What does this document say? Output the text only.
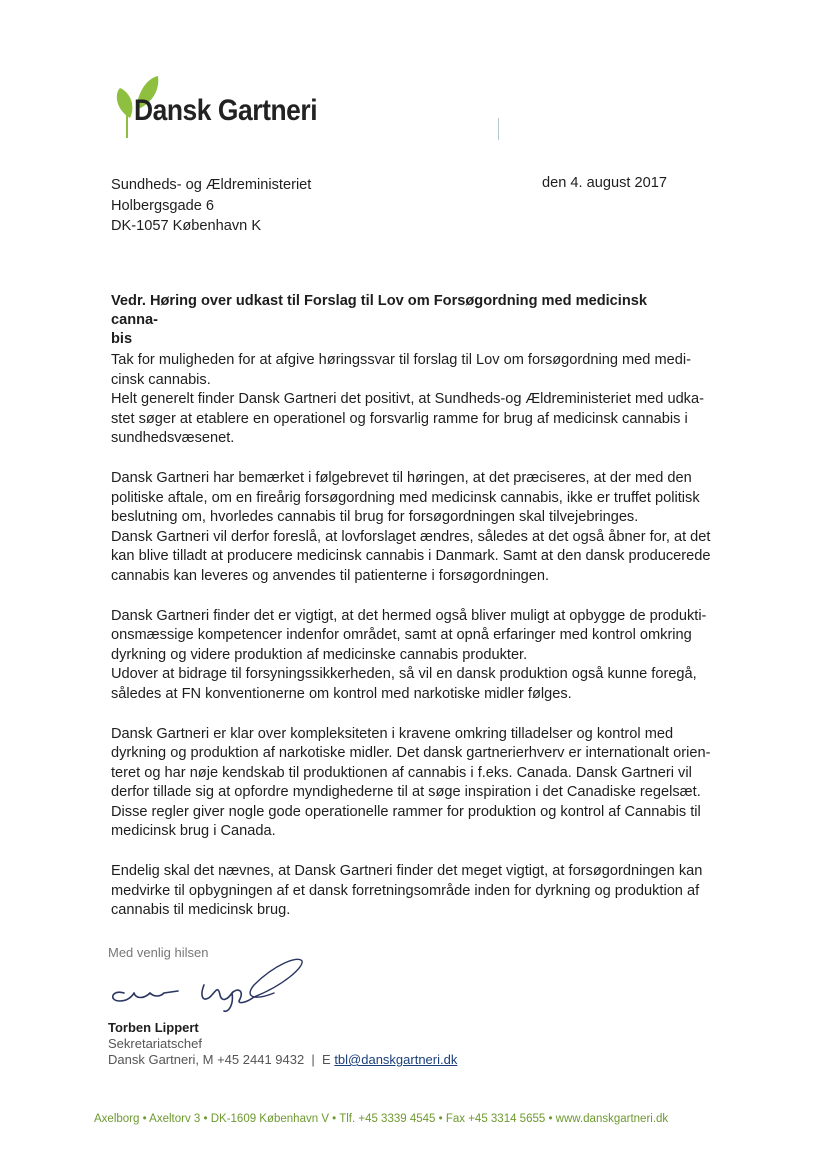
Dansk Gartneri
Sundheds- og Ældreministeriet
Holbergsgade 6
DK-1057 København K
den 4. august 2017
Vedr. Høring over udkast til Forslag til Lov om Forsøgordning med medicinsk canna-
bis
Tak for muligheden for at afgive høringssvar til forslag til Lov om forsøgordning med medi-
cinsk cannabis.
Helt generelt finder Dansk Gartneri det positivt, at Sundheds-og Ældreministeriet med udka-
stet søger at etablere en operationel og forsvarlig ramme for brug af medicinsk cannabis i
sundhedsvæsenet.
Dansk Gartneri har bemærket i følgebrevet til høringen, at det præciseres, at der med den
politiske aftale, om en fireårig forsøgordning med medicinsk cannabis, ikke er truffet politisk
beslutning om, hvorledes cannabis til brug for forsøgordningen skal tilvejebringes.
Dansk Gartneri vil derfor foreslå, at lovforslaget ændres, således at det også åbner for, at det
kan blive tilladt at producere medicinsk cannabis i Danmark. Samt at den dansk producerede
cannabis kan leveres og anvendes til patienterne i forsøgordningen.
Dansk Gartneri finder det er vigtigt, at det hermed også bliver muligt at opbygge de produkti-
onsmæssige kompetencer indenfor området, samt at opnå erfaringer med kontrol omkring
dyrkning og videre produktion af medicinske cannabis produkter.
Udover at bidrage til forsyningssikkerheden, så vil en dansk produktion også kunne foregå,
således at FN konventionerne om kontrol med narkotiske midler følges.
Dansk Gartneri er klar over kompleksiteten i kravene omkring tilladelser og kontrol med
dyrkning og produktion af narkotiske midler. Det dansk gartnerierhverv er internationalt orien-
teret og har nøje kendskab til produktionen af cannabis i f.eks. Canada. Dansk Gartneri vil
derfor tillade sig at opfordre myndighederne til at søge inspiration i det Canadiske regelsæt.
Disse regler giver nogle gode operationelle rammer for produktion og kontrol af Cannabis til
medicinsk brug i Canada.
Endelig skal det nævnes, at Dansk Gartneri finder det meget vigtigt, at forsøgordningen kan
medvirke til opbygningen af et dansk forretningsområde inden for dyrkning og produktion af
cannabis til medicinsk brug.
Med venlig hilsen
Torben Lippert
Sekretariatschef
Dansk Gartneri, M +45 2441 9432  |  E tbl@danskgartneri.dk
Axelborg • Axeltorv 3 • DK-1609 København V • Tlf. +45 3339 4545 • Fax +45 3314 5655 • www.danskgartneri.dk
